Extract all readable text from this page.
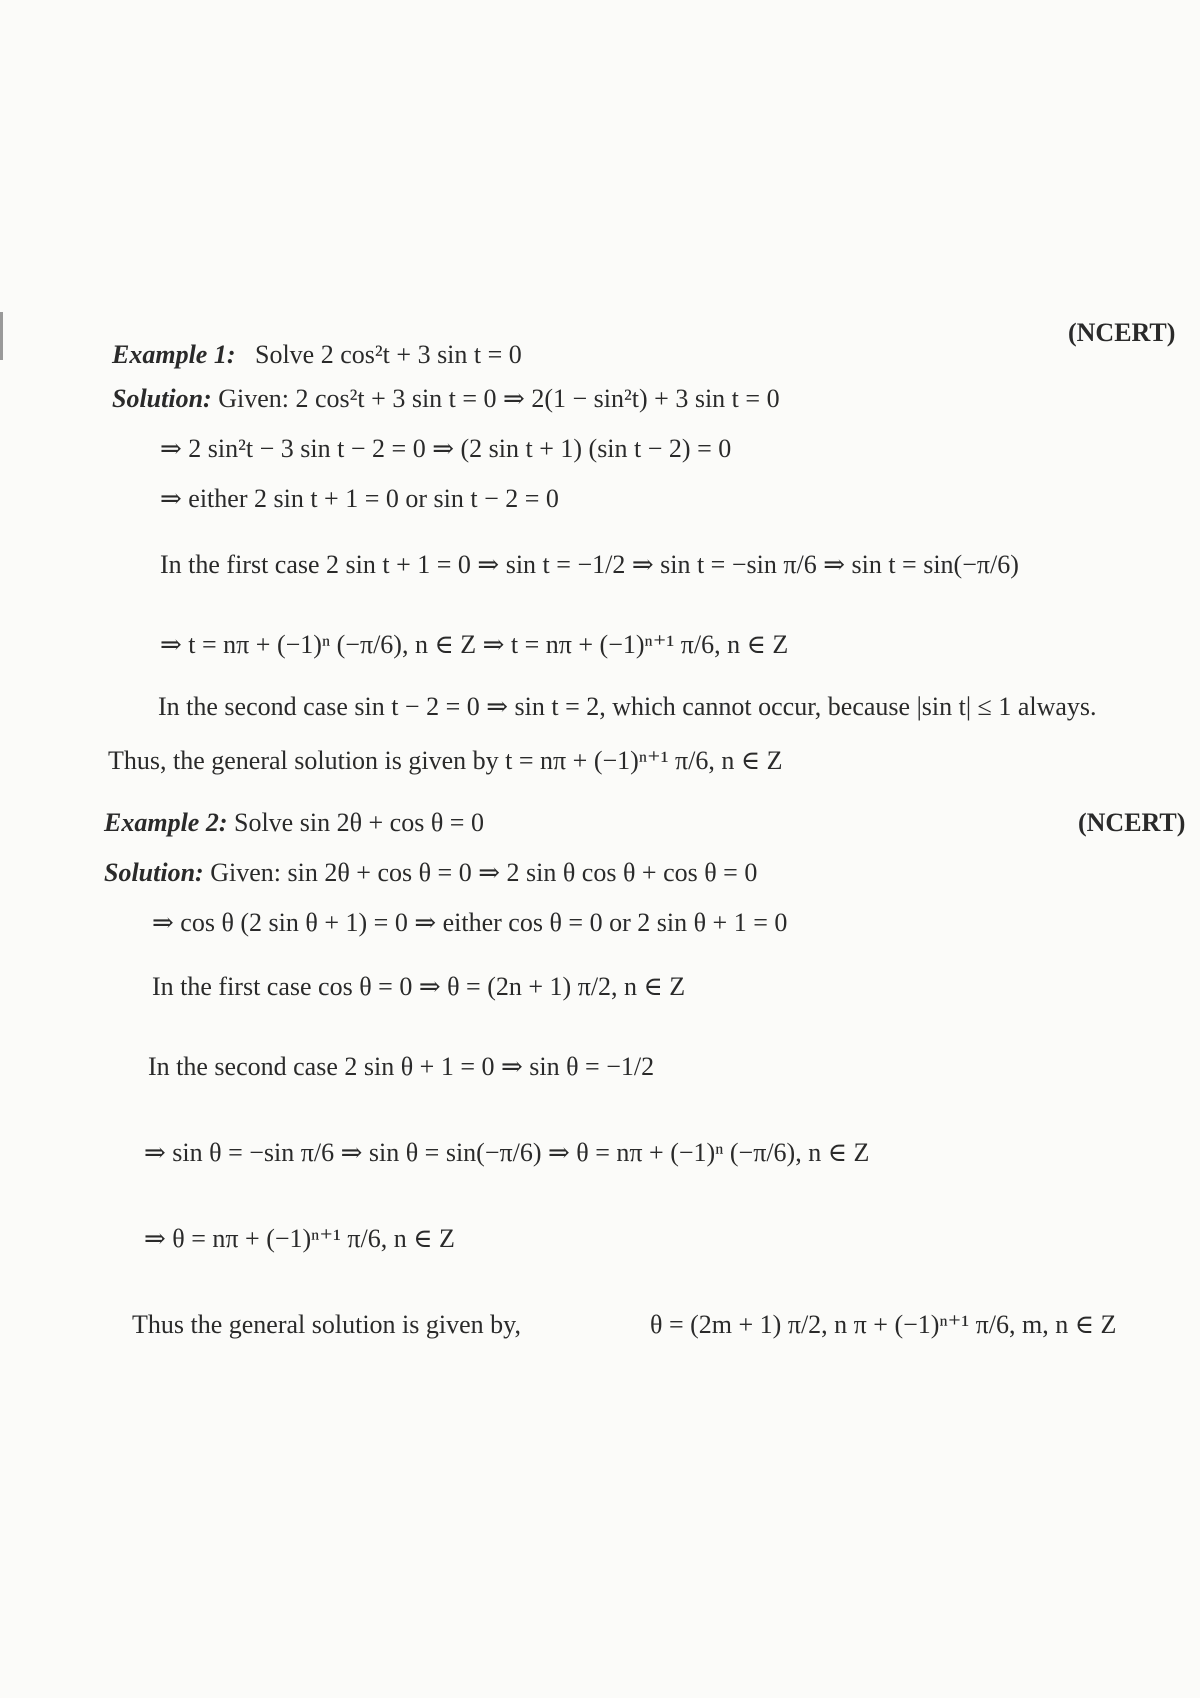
(NCERT)
Example 1: Solve 2 cos²t + 3 sin t = 0
Solution: Given: 2 cos²t + 3 sin t = 0 ⇒ 2(1 − sin²t) + 3 sin t = 0
⇒ 2 sin²t − 3 sin t − 2 = 0 ⇒ (2 sin t + 1) (sin t − 2) = 0
⇒ either 2 sin t + 1 = 0 or sin t − 2 = 0
In the first case 2 sin t + 1 = 0 ⇒ sin t = −1/2 ⇒ sin t = −sin π/6 ⇒ sin t = sin(−π/6)
⇒ t = nπ + (−1)ⁿ (−π/6), n ∈ Z ⇒ t = nπ + (−1)ⁿ⁺¹ π/6, n ∈ Z
In the second case sin t − 2 = 0 ⇒ sin t = 2, which cannot occur, because |sin t| ≤ 1 always.
Thus, the general solution is given by t = nπ + (−1)ⁿ⁺¹ π/6, n ∈ Z
(NCERT)
Example 2: Solve sin 2θ + cos θ = 0
Solution: Given: sin 2θ + cos θ = 0 ⇒ 2 sin θ cos θ + cos θ = 0
⇒ cos θ (2 sin θ + 1) = 0 ⇒ either cos θ = 0 or 2 sin θ + 1 = 0
In the first case cos θ = 0 ⇒ θ = (2n + 1) π/2, n ∈ Z
In the second case 2 sin θ + 1 = 0 ⇒ sin θ = −1/2
⇒ sin θ = −sin π/6 ⇒ sin θ = sin(−π/6) ⇒ θ = nπ + (−1)ⁿ (−π/6), n ∈ Z
⇒ θ = nπ + (−1)ⁿ⁺¹ π/6, n ∈ Z
Thus the general solution is given by,	θ = (2m + 1) π/2, n π + (−1)ⁿ⁺¹ π/6, m, n ∈ Z
